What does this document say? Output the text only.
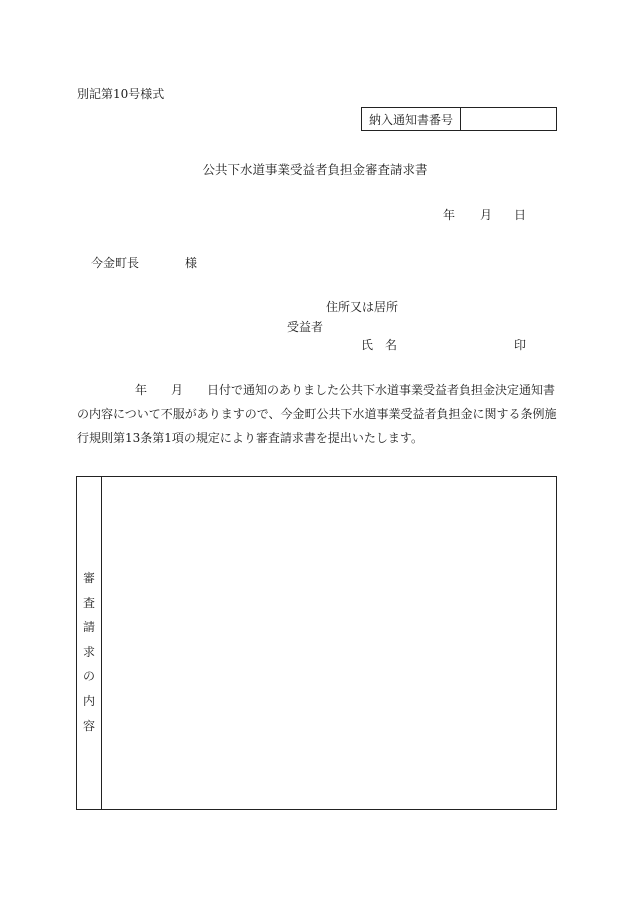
別記第10号様式
納入通知書番号
公共下水道事業受益者負担金審査請求書
年 月 日
今金町長	様
住所又は居所
受益者
氏　名	印
年 月 日付で通知のありました公共下水道事業受益者負担金決定通知書
の内容について不服がありますので、今金町公共下水道事業受益者負担金に関する条例施
行規則第13条第1項の規定により審査請求書を提出いたします。
審
査
請
求
の
内
容
